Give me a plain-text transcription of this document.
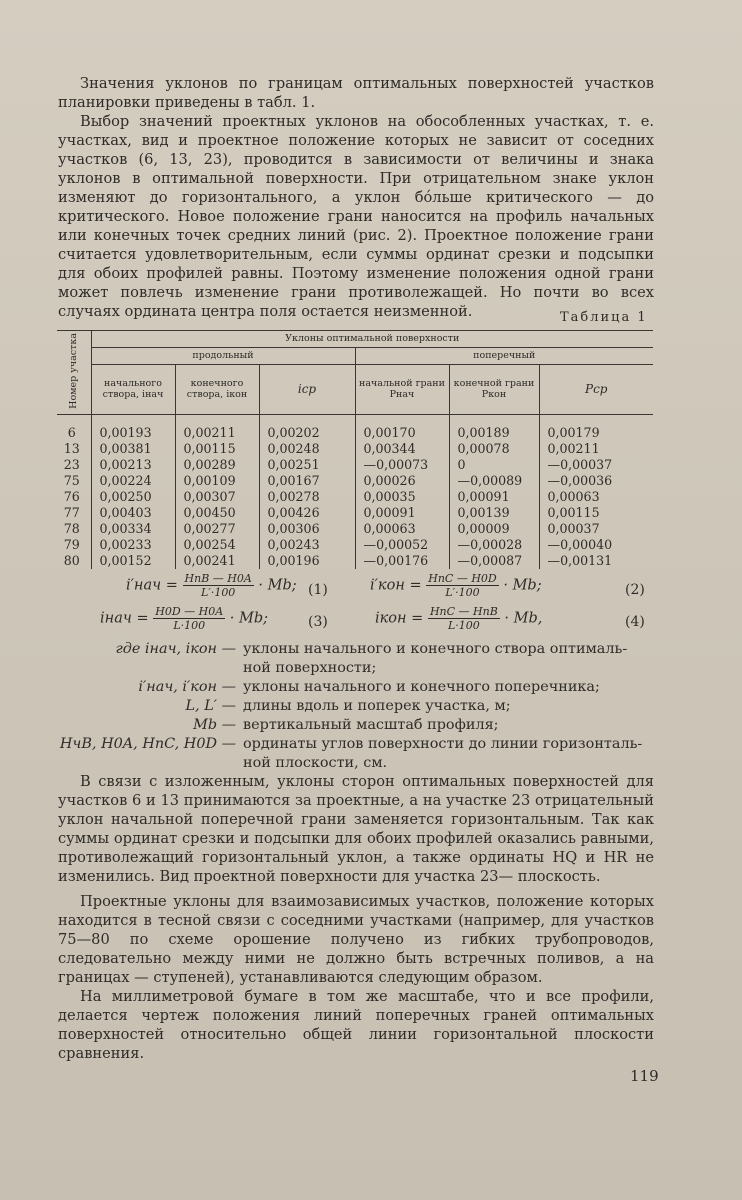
Значения уклонов по границам оптимальных поверхностей участков планировки приведены в табл. 1.

Выбор значений проектных уклонов на обособленных участках, т. е. участках, вид и проектное положение которых не зависит от соседних участков (6, 13, 23), проводится в зависимости от величины и знака уклонов в оптимальной поверхности. При отрицательном знаке уклон изменяют до горизонтального, а уклон бóльше критического — до критического. Новое положение грани наносится на профиль начальных или конечных точек средних линий (рис. 2). Проектное положение грани считается удовлетворительным, если суммы ординат срезки и подсыпки для обоих профилей равны. Поэтому изменение положения одной грани может повлечь изменение грани противолежащей. Но почти во всех случаях ордината центра поля остается неизменной.	Таблица 1
Номер участка	Уклоны оптимальной поверхности					
	продольный			поперечный		
	начального створа, iнач	конечного створа, iкон	iср	начальной грани Pнач	конечной грани Pкон	Pср
6	0,00193	0,00211	0,00202	0,00170	0,00189	0,00179
13	0,00381	0,00115	0,00248	0,00344	0,00078	0,00211
23	0,00213	0,00289	0,00251	—0,00073	0	—0,00037
75	0,00224	0,00109	0,00167	0,00026	—0,00089	—0,00036
76	0,00250	0,00307	0,00278	0,00035	0,00091	0,00063
77	0,00403	0,00450	0,00426	0,00091	0,00139	0,00115
78	0,00334	0,00277	0,00306	0,00063	0,00009	0,00037
79	0,00233	0,00254	0,00243	—0,00052	—0,00028	—0,00040
80	0,00152	0,00241	0,00196	—0,00176	—0,00087	—0,00131
$i'нач = \frac{\text{HпB — H0A}}{L'\cdot 100} \cdot Mb$; (1)	$i'кон = \frac{\text{HпC — H0D}}{L'\cdot 100} \cdot Mb$;	(2)
iнач = $\frac{H0D — H0A}{L\cdot 100} \cdot Mb$;	(3)	iкон = $\frac{\text{HпC — HпB}}{L\cdot 100} \cdot Mb$,	(4)
где iнач, iкон — уклоны начального и конечного створа оптималь-
ной поверхности;
i′нач, i′кон — уклоны начального и конечного поперечника;
L, L′ — длины вдоль и поперек участка, м;
Mb — вертикальный масштаб профиля;
HчB, H0A, HпC, H0D — ординаты углов поверхности до линии горизонталь-
ной плоскости, см.

В связи с изложенным, уклоны сторон оптимальных поверхностей для участков 6 и 13 принимаются за проектные, а на участке 23 отрицательный уклон начальной поперечной грани заменяется горизонтальным. Так как суммы ординат срезки и подсыпки для обоих профилей оказались равными, противолежащий горизонтальный уклон, а также ординаты HQ и HR не изменились. Вид проектной поверхности для участка 23— плоскость.

Проектные уклоны для взаимозависимых участков, положение которых находится в тесной связи с соседними участками (например, для участков 75—80 по схеме орошение получено из гибких трубопроводов, следовательно между ними не должно быть встречных поливов, а на границах — ступеней), устанавливаются следующим образом.

На миллиметровой бумаге в том же масштабе, что и все профили, делается чертеж положения линий поперечных граней оптимальных поверхностей относительно общей линии горизонтальной плоскости сравнения.

119
